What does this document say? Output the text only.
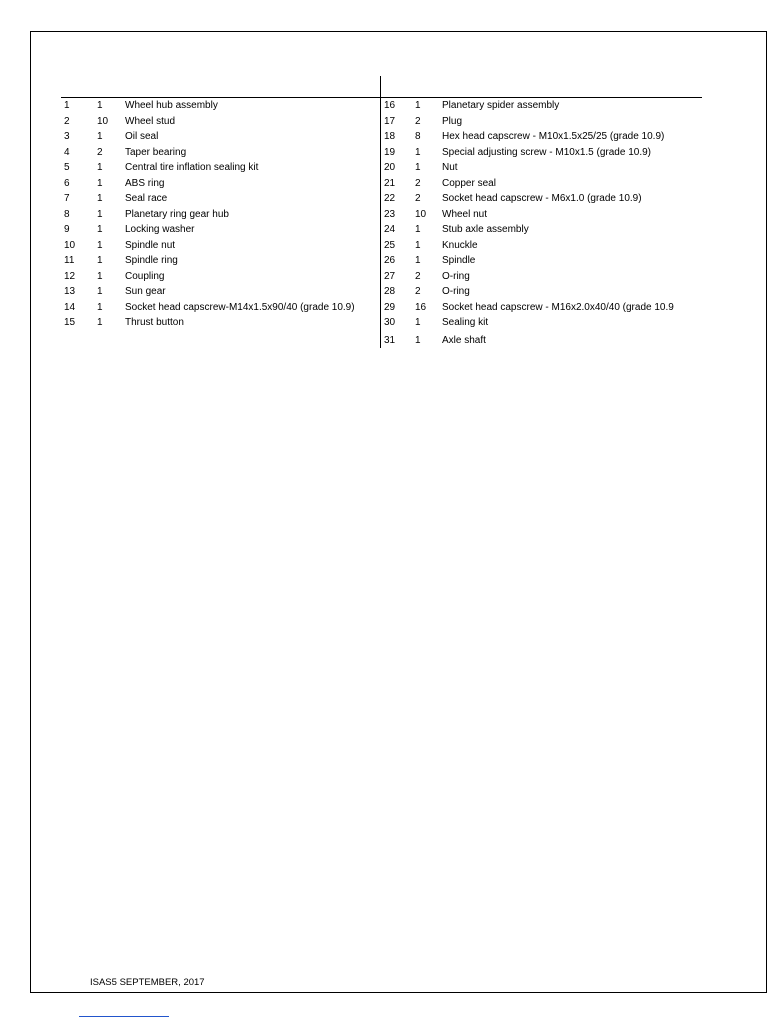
1	1	Wheel hub assembly
2	10	Wheel stud
3	1	Oil seal
4	2	Taper bearing
5	1	Central tire inflation sealing kit
6	1	ABS ring
7	1	Seal race
8	1	Planetary ring gear hub
9	1	Locking washer
10	1	Spindle nut
11	1	Spindle ring
12	1	Coupling
13	1	Sun gear
14	1	Socket head capscrew-M14x1.5x90/40 (grade 10.9)
15	1	Thrust button
16	1	Planetary spider assembly
17	2	Plug
18	8	Hex head capscrew - M10x1.5x25/25 (grade 10.9)
19	1	Special adjusting screw - M10x1.5 (grade 10.9)
20	1	Nut
21	2	Copper seal
22	2	Socket head capscrew - M6x1.0 (grade 10.9)
23	10	Wheel nut
24	1	Stub axle assembly
25	1	Knuckle
26	1	Spindle
27	2	O-ring
28	2	O-ring
29	16	Socket head capscrew - M16x2.0x40/40 (grade 10.9
30	1	Sealing kit
31	1	Axle shaft
ISAS5 SEPTEMBER, 2017
